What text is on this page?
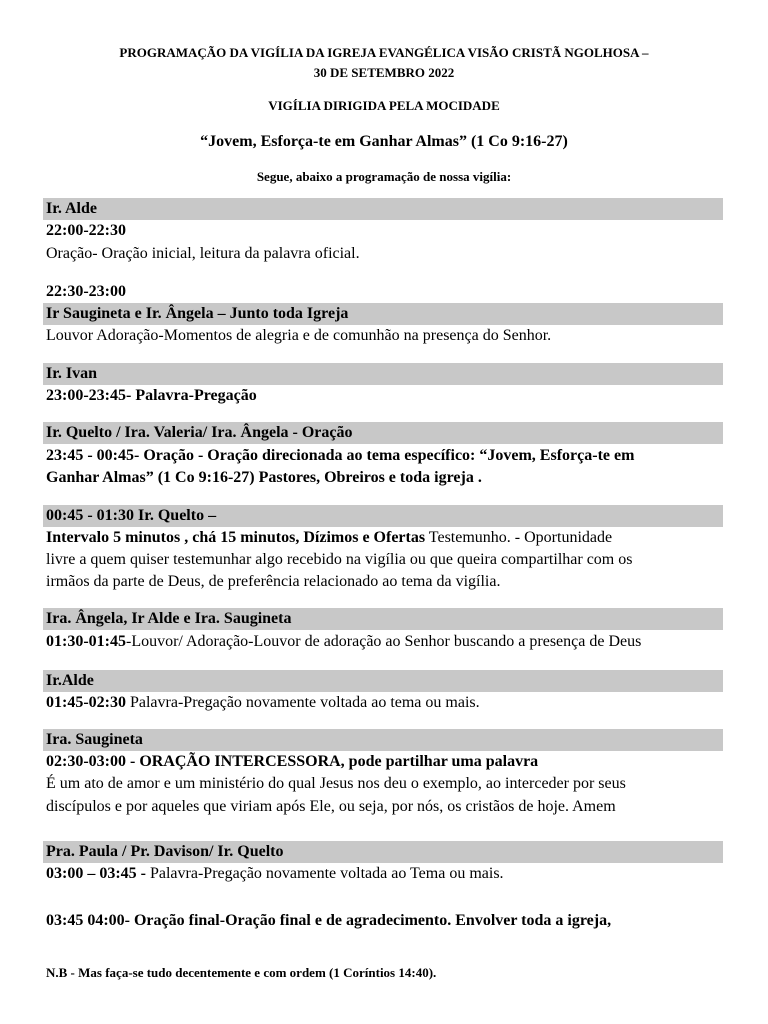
PROGRAMAÇÃO DA VIGÍLIA DA IGREJA EVANGÉLICA VISÃO CRISTÃ NGOLHOSA –
30 DE SETEMBRO 2022
VIGÍLIA DIRIGIDA PELA MOCIDADE
“Jovem, Esforça-te em Ganhar Almas” (1 Co 9:16-27)
Segue, abaixo a programação de nossa vigília:
Ir. Alde
22:00-22:30
Oração- Oração inicial, leitura da palavra oficial.
22:30-23:00
Ir Saugineta e Ir. Ângela – Junto toda Igreja
Louvor Adoração-Momentos de alegria e de comunhão na presença do Senhor.
Ir. Ivan
23:00-23:45- Palavra-Pregação
Ir. Quelto / Ira. Valeria/ Ira. Ângela - Oração
23:45 - 00:45- Oração - Oração direcionada ao tema específico: “Jovem, Esforça-te em
Ganhar Almas” (1 Co 9:16-27) Pastores, Obreiros e toda igreja .
00:45 - 01:30 Ir. Quelto –
Intervalo 5 minutos , chá 15 minutos, Dízimos e Ofertas Testemunho. - Oportunidade
livre a quem quiser testemunhar algo recebido na vigília ou que queira compartilhar com os
irmãos da parte de Deus, de preferência relacionado ao tema da vigília.
Ira. Ângela, Ir Alde e Ira. Saugineta
01:30-01:45-Louvor/ Adoração-Louvor de adoração ao Senhor buscando a presença de Deus
Ir.Alde
01:45-02:30 Palavra-Pregação novamente voltada ao tema ou mais.
Ira. Saugineta
02:30-03:00 - ORAÇÃO INTERCESSORA, pode partilhar uma palavra
É um ato de amor e um ministério do qual Jesus nos deu o exemplo, ao interceder por seus
discípulos e por aqueles que viriam após Ele, ou seja, por nós, os cristãos de hoje. Amem
Pra. Paula / Pr. Davison/ Ir. Quelto
03:00 – 03:45 - Palavra-Pregação novamente voltada ao Tema ou mais.
03:45 04:00- Oração final-Oração final e de agradecimento. Envolver toda a igreja,
N.B - Mas faça-se tudo decentemente e com ordem (1 Coríntios 14:40).
